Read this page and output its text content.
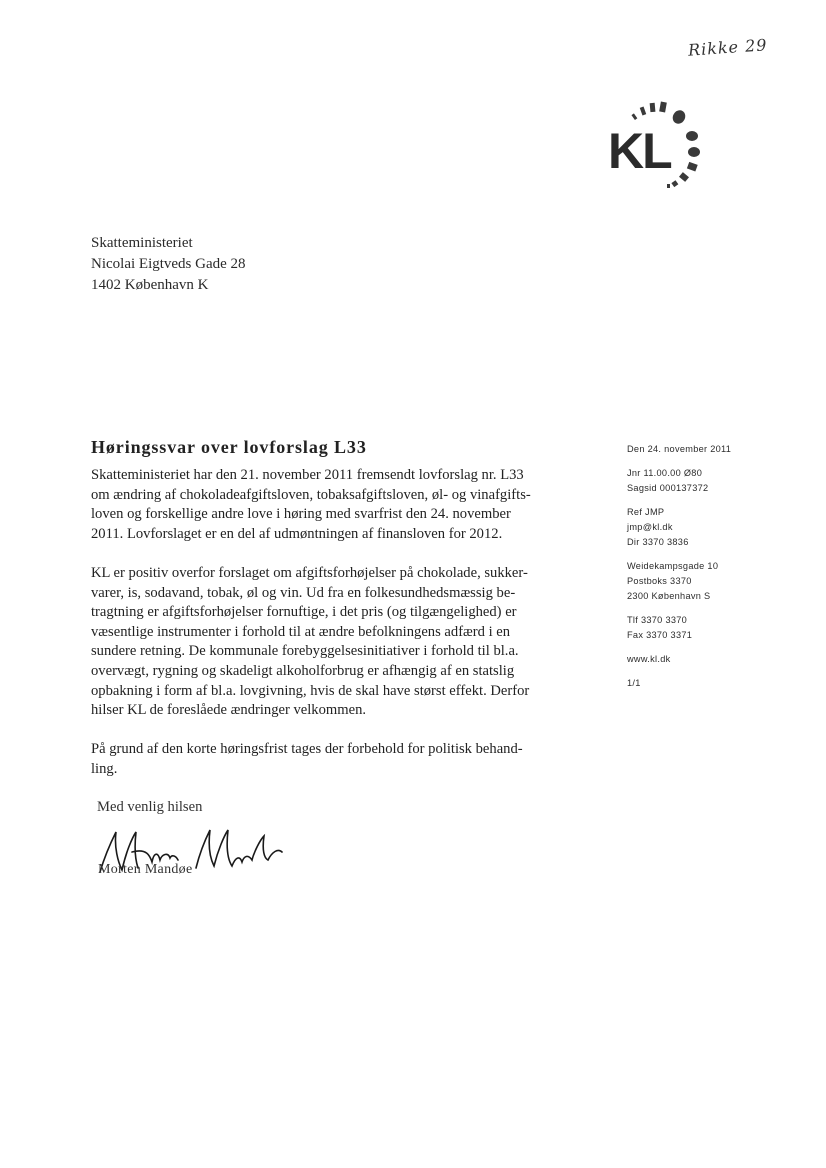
Rikke 29
KL
Skatteministeriet
Nicolai Eigtveds Gade 28
1402 København K
Høringssvar over lovforslag L33
Skatteministeriet har den 21. november 2011 fremsendt lovforslag nr. L33
om ændring af chokoladeafgiftsloven, tobaksafgiftsloven, øl- og vinafgifts-
loven og forskellige andre love i høring med svarfrist den 24. november
2011. Lovforslaget er en del af udmøntningen af finansloven for 2012.
KL er positiv overfor forslaget om afgiftsforhøjelser på chokolade, sukker-
varer, is, sodavand, tobak, øl og vin. Ud fra en folkesundhedsmæssig be-
tragtning er afgiftsforhøjelser fornuftige, i det pris (og tilgængelighed) er
væsentlige instrumenter i forhold til at ændre befolkningens adfærd i en
sundere retning. De kommunale forebyggelsesinitiativer i forhold til bl.a.
overvægt, rygning og skadeligt alkoholforbrug er afhængig af en statslig
opbakning i form af bl.a. lovgivning, hvis de skal have størst effekt. Derfor
hilser KL de foreslåede ændringer velkommen.
På grund af den korte høringsfrist tages der forbehold for politisk behand-
ling.
Med venlig hilsen
Morten Mandøe
Den 24. november 2011
Jnr 11.00.00 Ø80
Sagsid 000137372
Ref JMP
jmp@kl.dk
Dir 3370 3836
Weidekampsgade 10
Postboks 3370
2300 København S
Tlf 3370 3370
Fax 3370 3371
www.kl.dk
1/1
